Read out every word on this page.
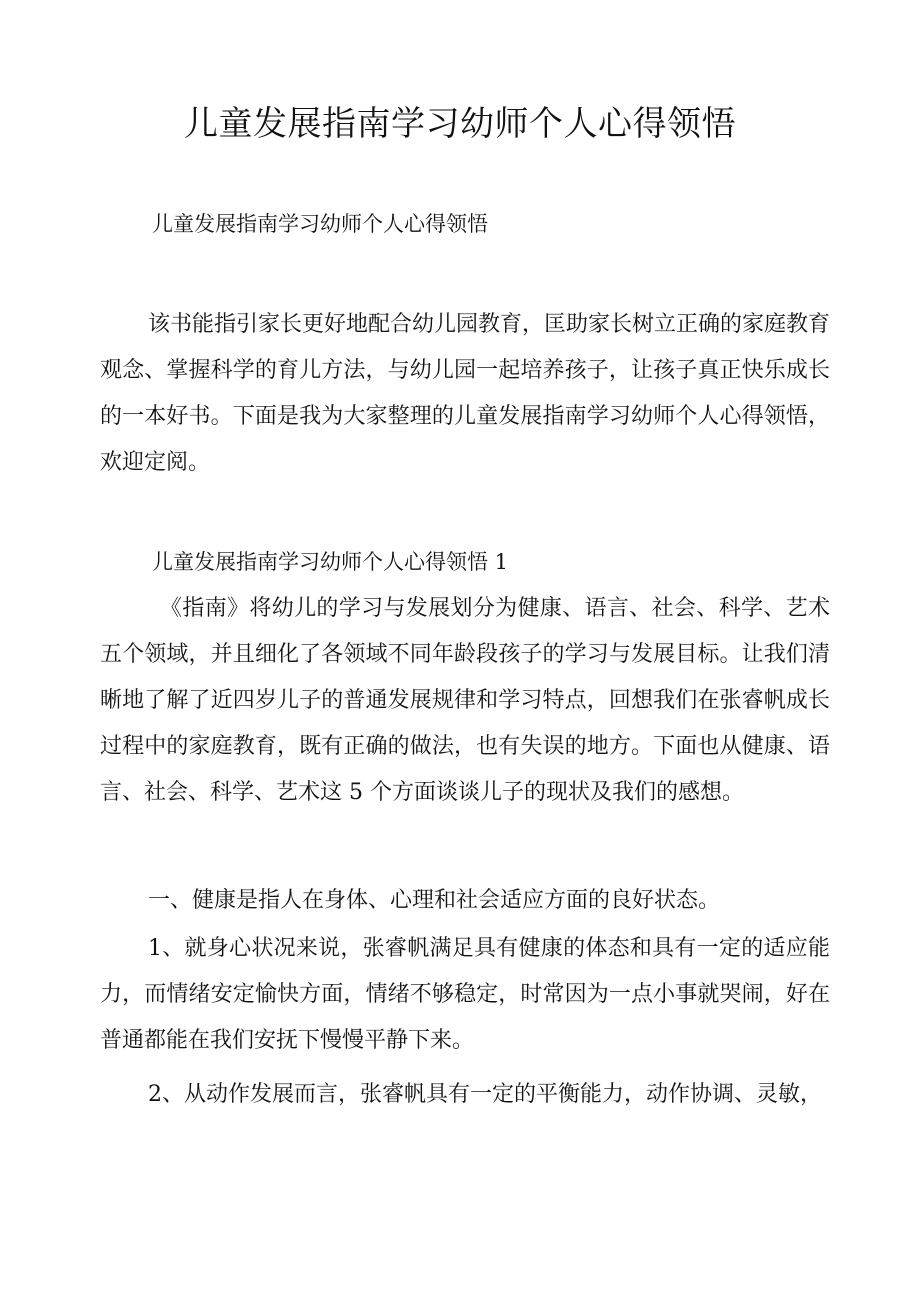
儿童发展指南学习幼师个人心得领悟

儿童发展指南学习幼师个人心得领悟

该书能指引家长更好地配合幼儿园教育，匡助家长树立正确的家庭教育观念、掌握科学的育儿方法，与幼儿园一起培养孩子，让孩子真正快乐成长的一本好书。下面是我为大家整理的儿童发展指南学习幼师个人心得领悟，欢迎定阅。

儿童发展指南学习幼师个人心得领悟 1

《指南》将幼儿的学习与发展划分为健康、语言、社会、科学、艺术五个领域，并且细化了各领域不同年龄段孩子的学习与发展目标。让我们清晰地了解了近四岁儿子的普通发展规律和学习特点，回想我们在张睿帆成长过程中的家庭教育，既有正确的做法，也有失误的地方。下面也从健康、语言、社会、科学、艺术这 5 个方面谈谈儿子的现状及我们的感想。

一、健康是指人在身体、心理和社会适应方面的良好状态。

1、就身心状况来说，张睿帆满足具有健康的体态和具有一定的适应能力，而情绪安定愉快方面，情绪不够稳定，时常因为一点小事就哭闹，好在普通都能在我们安抚下慢慢平静下来。

2、从动作发展而言，张睿帆具有一定的平衡能力，动作协调、灵敏，
